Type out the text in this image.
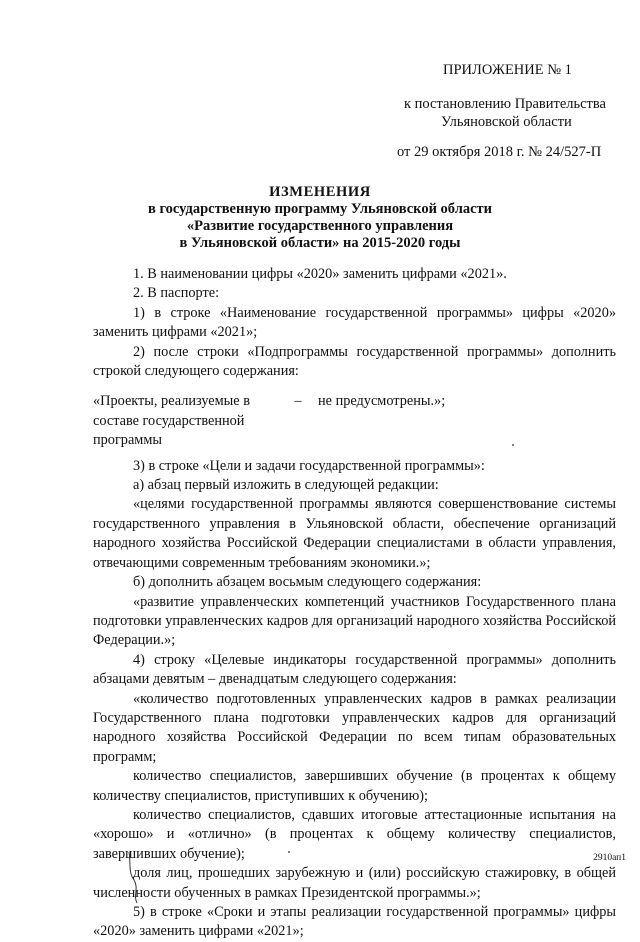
ПРИЛОЖЕНИЕ № 1
к постановлению Правительства
Ульяновской области
от 29 октября 2018 г. № 24/527-П
ИЗМЕНЕНИЯ
в государственную программу Ульяновской области
«Развитие государственного управления
в Ульяновской области» на 2015-2020 годы

1. В наименовании цифры «2020» заменить цифрами «2021».

2. В паспорте:

1) в строке «Наименование государственной программы» цифры «2020» заменить цифрами «2021»;

2) после строки «Подпрограммы государственной программы» дополнить строкой следующего содержания:

«Проекты, реализуемые в составе государственной программы
–	не предусмотрены.»;

3) в строке «Цели и задачи государственной программы»:

а) абзац первый изложить в следующей редакции:

«целями государственной программы являются совершенствование системы государственного управления в Ульяновской области, обеспечение организаций народного хозяйства Российской Федерации специалистами в области управления, отвечающими современным требованиям экономики.»;

б) дополнить абзацем восьмым следующего содержания:

«развитие управленческих компетенций участников Государственного плана подготовки управленческих кадров для организаций народного хозяйства Российской Федерации.»;

4) строку «Целевые индикаторы государственной программы» дополнить абзацами девятым – двенадцатым следующего содержания:

«количество подготовленных управленческих кадров в рамках реализации Государственного плана подготовки управленческих кадров для организаций народного хозяйства Российской Федерации по всем типам образовательных программ;

количество специалистов, завершивших обучение (в процентах к общему количеству специалистов, приступивших к обучению);

количество специалистов, сдавших итоговые аттестационные испытания на «хорошо» и «отлично» (в процентах к общему количеству специалистов, завершивших обучение);

доля лиц, прошедших зарубежную и (или) российскую стажировку, в общей численности обученных в рамках Президентской программы.»;

5) в строке «Сроки и этапы реализации государственной программы» цифры «2020» заменить цифрами «2021»;

2910ап1
